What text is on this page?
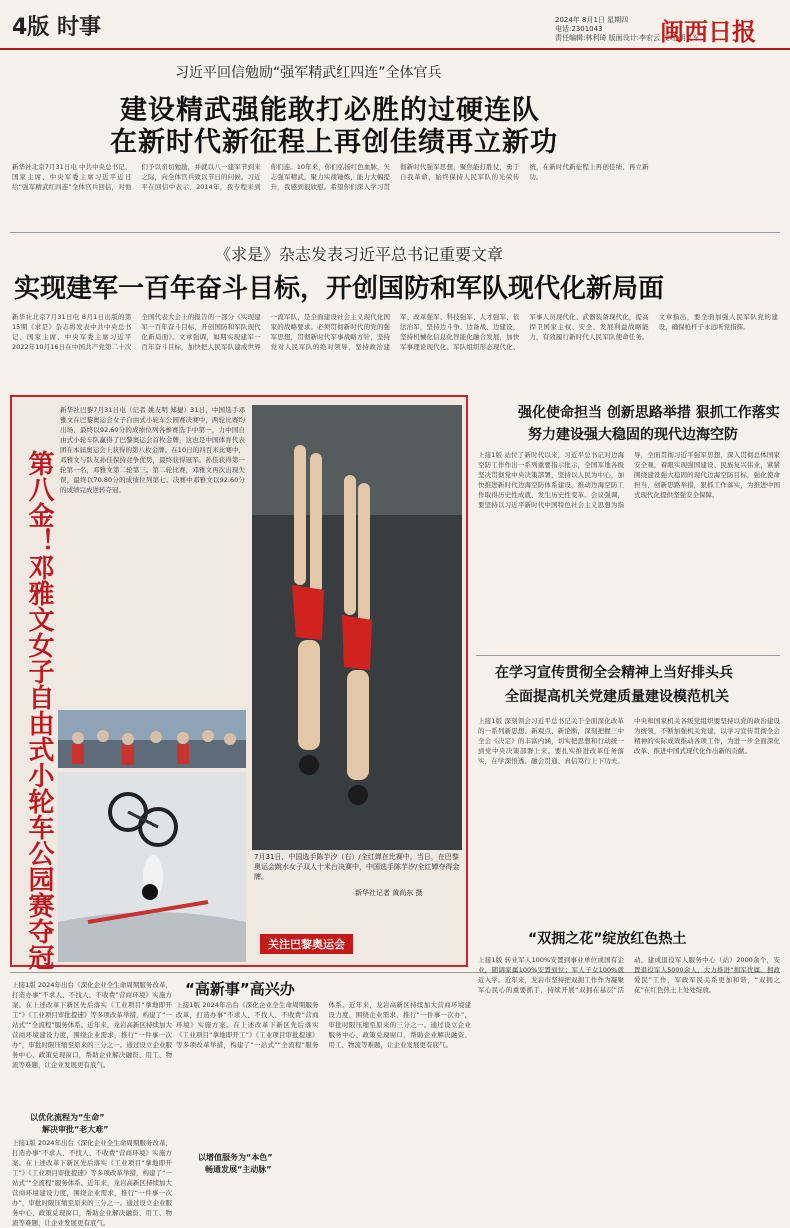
4版 时事	2024年 8月1日 星期四
电话:2301043
责任编辑:林利琦 版面设计:李宏云 校对:胡又军
闽西日报
习近平回信勉励“强军精武红四连”全体官兵
建设精武强能敢打必胜的过硬连队
在新时代新征程上再创佳绩再立新功
新华社北京7月31日电 中共中央总书记、国家主席、中央军委主席习近平近日给“强军精武红四连”全体官兵回信，对他们予以亲切勉励，并就以八一建军节到来之际，向全体官兵致以节日的问候。习近平在回信中表示，2014年，我专程来到你们连。10年来，你们弘扬红色血脉，矢志强军精武，聚力实战锤炼，能力大幅提升，我感到很欣慰。希望你们深入学习贯彻新时代强军思想，聚焦能打胜仗，勇于自我革命，始终保持人民军队的光荣传统，在新时代新征程上再创佳绩、再立新功。
《求是》杂志发表习近平总书记重要文章
实现建军一百年奋斗目标，开创国防和军队现代化新局面
新华社北京7月31日电 8月1日出版的第15期《求是》杂志将发表中共中央总书记、国家主席、中央军委主席习近平2022年10月16日在中国共产党第二十次全国代表大会上的报告的一部分《实现建军一百年奋斗目标，开创国防和军队现代化新局面》。文章强调，如期实现建军一百年奋斗目标，加快把人民军队建成世界一流军队，是全面建设社会主义现代化国家的战略要求。必须贯彻新时代的党的强军思想，贯彻新时代军事战略方针，坚持党对人民军队的绝对领导，坚持政治建军、改革强军、科技强军、人才强军、依法治军，坚持边斗争、边备战、边建设，坚持机械化信息化智能化融合发展，加快军事理论现代化、军队组织形态现代化、军事人员现代化、武器装备现代化，提高捍卫国家主权、安全、发展利益战略能力，有效履行新时代人民军队使命任务。文章指出，要全面加强人民军队党的建设，确保枪杆子永远听党指挥。
第八金！邓雅文女子自由式小轮车公园赛夺冠
新华社巴黎7月31日电（记者 姚友明 郑捷）31日，中国选手邓雅文在巴黎奥运会女子自由式小轮车公园赛决赛中，两轮比赛均出场，最终以92.60分的成绩位列各参赛选手中第一，力中国自由式小轮车队赢得了巴黎奥运会首枚金牌，这也是中国体育代表团在本届奥运会上获得的第八枚金牌。在10日的四百米比赛中，邓雅文与队友孙佳保持竞争优势，最终获得冠军。孙佳获得第一轮第一名，邓雅文第二轮第三。第二轮比赛，邓雅文再次出现失误，最终以70.80分的成绩位列第七。决赛中邓雅文以92.60分的成绩完成逆转夺冠。
7月31日，中国选手陈芋汐（右）/全红婵在比赛中。当日，在巴黎奥运会跳水女子双人十米台决赛中，中国选手陈芋汐/全红婵夺得金牌。
新华社记者 黄尚东 摄
关注巴黎奥运会
强化使命担当 创新思路举措 狠抓工作落实
努力建设强大稳固的现代边海空防
上接1版 站位了新时代以来，习近平总书记对边海空防工作作出一系列重要指示批示，全国军地各级坚决贯彻党中央决策部署，坚持以人民为中心，加快推进新时代边海空防体系建设，推动边海空防工作取得历史性成就、发生历史性变革。会议强调，要坚持以习近平新时代中国特色社会主义思想为指导，全面贯彻习近平强军思想，深入贯彻总体国家安全观，着眼实现强国建设、民族复兴伟业，紧紧围绕建设强大稳固的现代边海空防目标，强化使命担当，创新思路举措，狠抓工作落实，为推进中国式现代化提供坚强安全保障。
在学习宣传贯彻全会精神上当好排头兵
全面提高机关党建质量建设模范机关
上接1版 深刻领会习近平总书记关于全面深化改革的一系列新思想、新观点、新论断，深刻把握三中全会《决定》的丰富内涵，切实把思想和行动统一到党中央决策部署上来。要扎实推进改革任务落实，在学深悟透、融会贯通、真信笃行上下功夫。中央和国家机关各级党组织要坚持以党的政治建设为统领，不断加强机关党建，以学习宣传贯彻全会精神的实际成效推动各项工作，为进一步全面深化改革、推进中国式现代化作出新的贡献。
“双拥之花”绽放红色热土
上接1版 转业军人100%安置到事业单位或国有企业，随调家属100%安置到位；军人子女100%就近入学。近年来，龙岩市坚持把双拥工作作为凝聚军心民心的重要抓手，持续开展“双拥在基层”活动，建成退役军人服务中心（站）2000余个，安置退役军人5000余人，大力推进“拥军优属、拥政爱民”工作，军政军民关系更加和谐，“双拥之花”在红色热土上处处绽放。
“高新事”高兴办
上接1版 2024年出台《深化企业全生命周期服务改革，打造办事“不求人、不找人、不收费”营商环境》实施方案。在上述改革下新区先后落实《工业项目“拿地即开工”》《工业项目审批提速》等多项改革举措，构建了“一站式”“全流程”服务体系。近年来，龙岩高新区持续加大营商环境建设力度，围绕企业需求，推行“一件事一次办”，审批时限压缩至原来的三分之一。通过设立企业服务中心、政策兑现窗口，帮助企业解决融资、用工、物流等难题，让企业发展更有底气。
以优化流程为“生命”
解决审批“老大难”
上接1版 2024年出台《深化企业全生命周期服务改革，打造办事“不求人、不找人、不收费”营商环境》实施方案。在上述改革下新区先后落实《工业项目“拿地即开工”》《工业项目审批提速》等多项改革举措，构建了“一站式”“全流程”服务体系。近年来，龙岩高新区持续加大营商环境建设力度，围绕企业需求，推行“一件事一次办”，审批时限压缩至原来的三分之一。通过设立企业服务中心、政策兑现窗口，帮助企业解决融资、用工、物流等难题，让企业发展更有底气。
上接1版 2024年出台《深化企业全生命周期服务改革，打造办事“不求人、不找人、不收费”营商环境》实施方案。在上述改革下新区先后落实《工业项目“拿地即开工”》《工业项目审批提速》等多项改革举措，构建了“一站式”“全流程”服务体系。近年来，龙岩高新区持续加大营商环境建设力度，围绕企业需求，推行“一件事一次办”，审批时限压缩至原来的三分之一。通过设立企业服务中心、政策兑现窗口，帮助企业解决融资、用工、物流等难题，让企业发展更有底气。
以增值服务为“本色”
畅通发展“主动脉”
